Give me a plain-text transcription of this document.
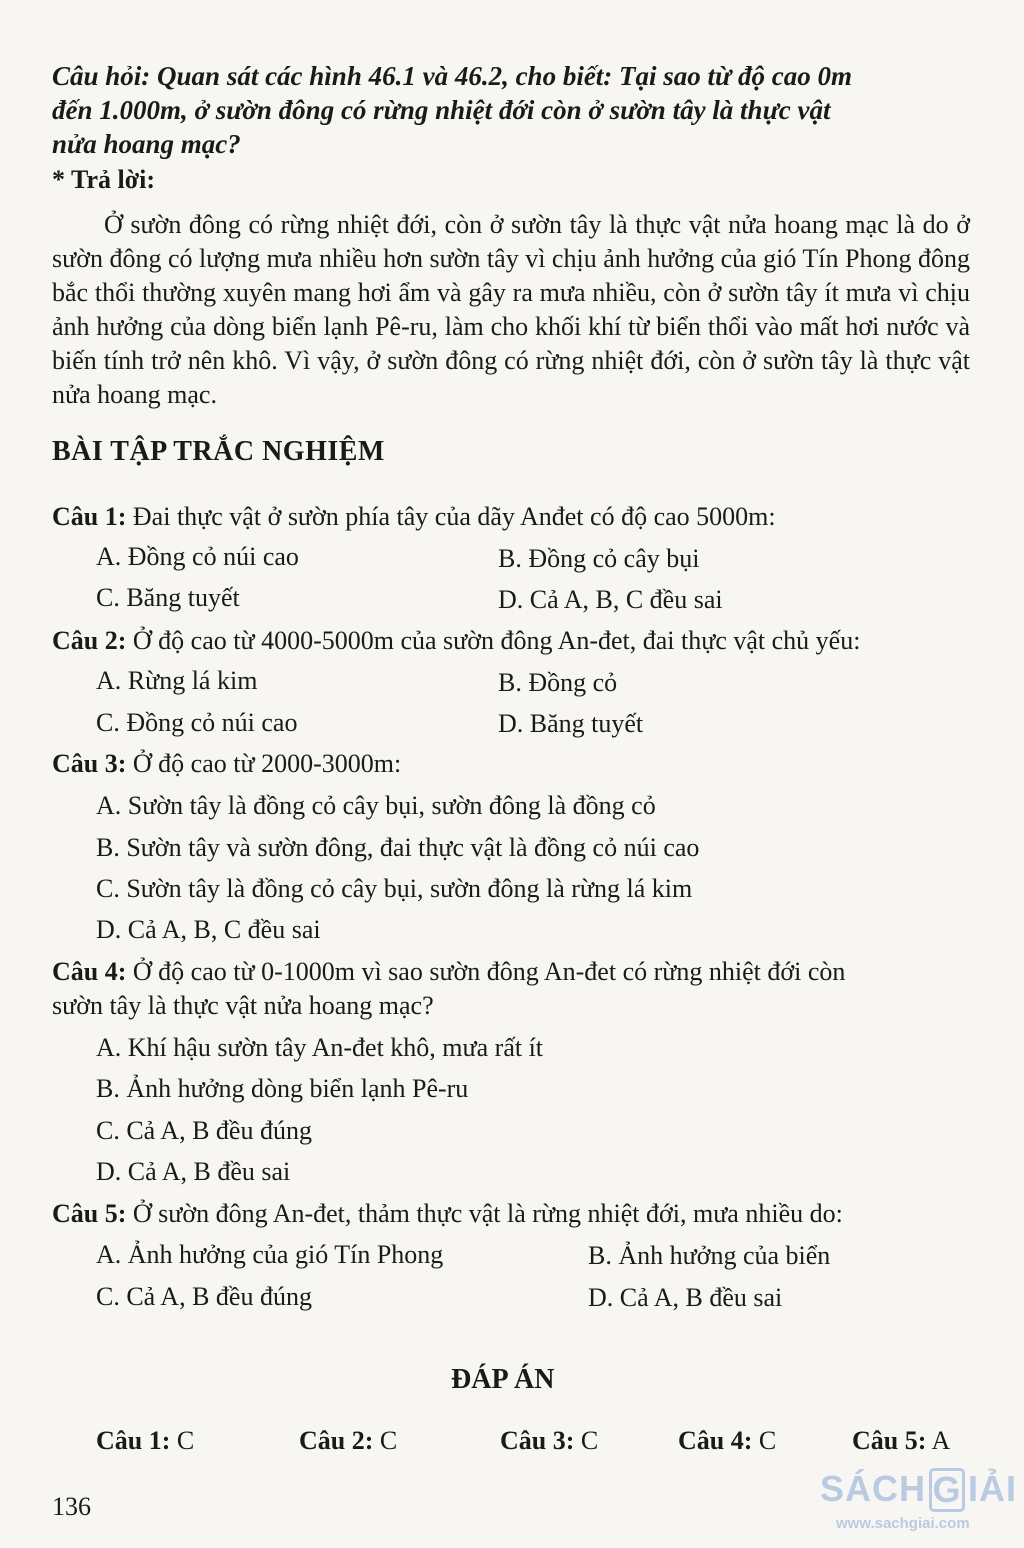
Câu hỏi: Quan sát các hình 46.1 và 46.2, cho biết: Tại sao từ độ cao 0m
đến 1.000m, ở sườn đông có rừng nhiệt đới còn ở sườn tây là thực vật
nửa hoang mạc?
* Trả lời:
Ở sườn đông có rừng nhiệt đới, còn ở sườn tây là thực vật nửa hoang mạc là do ở sườn đông có lượng mưa nhiều hơn sườn tây vì chịu ảnh hưởng của gió Tín Phong đông bắc thổi thường xuyên mang hơi ẩm và gây ra mưa nhiều, còn ở sườn tây ít mưa vì chịu ảnh hưởng của dòng biển lạnh Pê-ru, làm cho khối khí từ biển thổi vào mất hơi nước và biến tính trở nên khô. Vì vậy, ở sườn đông có rừng nhiệt đới, còn ở sườn tây là thực vật nửa hoang mạc.
BÀI TẬP TRẮC NGHIỆM
Câu 1: Đai thực vật ở sườn phía tây của dãy Anđet có độ cao 5000m:
A. Đồng cỏ núi cao	B. Đồng cỏ cây bụi
C. Băng tuyết	D. Cả A, B, C đều sai
Câu 2: Ở độ cao từ 4000-5000m của sườn đông An-đet, đai thực vật chủ yếu:
A. Rừng lá kim	B. Đồng cỏ
C. Đồng cỏ núi cao	D. Băng tuyết
Câu 3: Ở độ cao từ 2000-3000m:
A. Sườn tây là đồng cỏ cây bụi, sườn đông là đồng cỏ
B. Sườn tây và sườn đông, đai thực vật là đồng cỏ núi cao
C. Sườn tây là đồng cỏ cây bụi, sườn đông là rừng lá kim
D. Cả A, B, C đều sai
Câu 4: Ở độ cao từ 0-1000m vì sao sườn đông An-đet có rừng nhiệt đới còn
sườn tây là thực vật nửa hoang mạc?
A. Khí hậu sườn tây An-đet khô, mưa rất ít
B. Ảnh hưởng dòng biển lạnh Pê-ru
C. Cả A, B đều đúng
D. Cả A, B đều sai
Câu 5: Ở sườn đông An-đet, thảm thực vật là rừng nhiệt đới, mưa nhiều do:
A. Ảnh hưởng của gió Tín Phong	B. Ảnh hưởng của biển
C. Cả A, B đều đúng	D. Cả A, B đều sai
ĐÁP ÁN
Câu 1: C	Câu 2: C	Câu 3: C	Câu 4: C	Câu 5: A
136	SÁCH G IẢI
www.sachgiai.com
